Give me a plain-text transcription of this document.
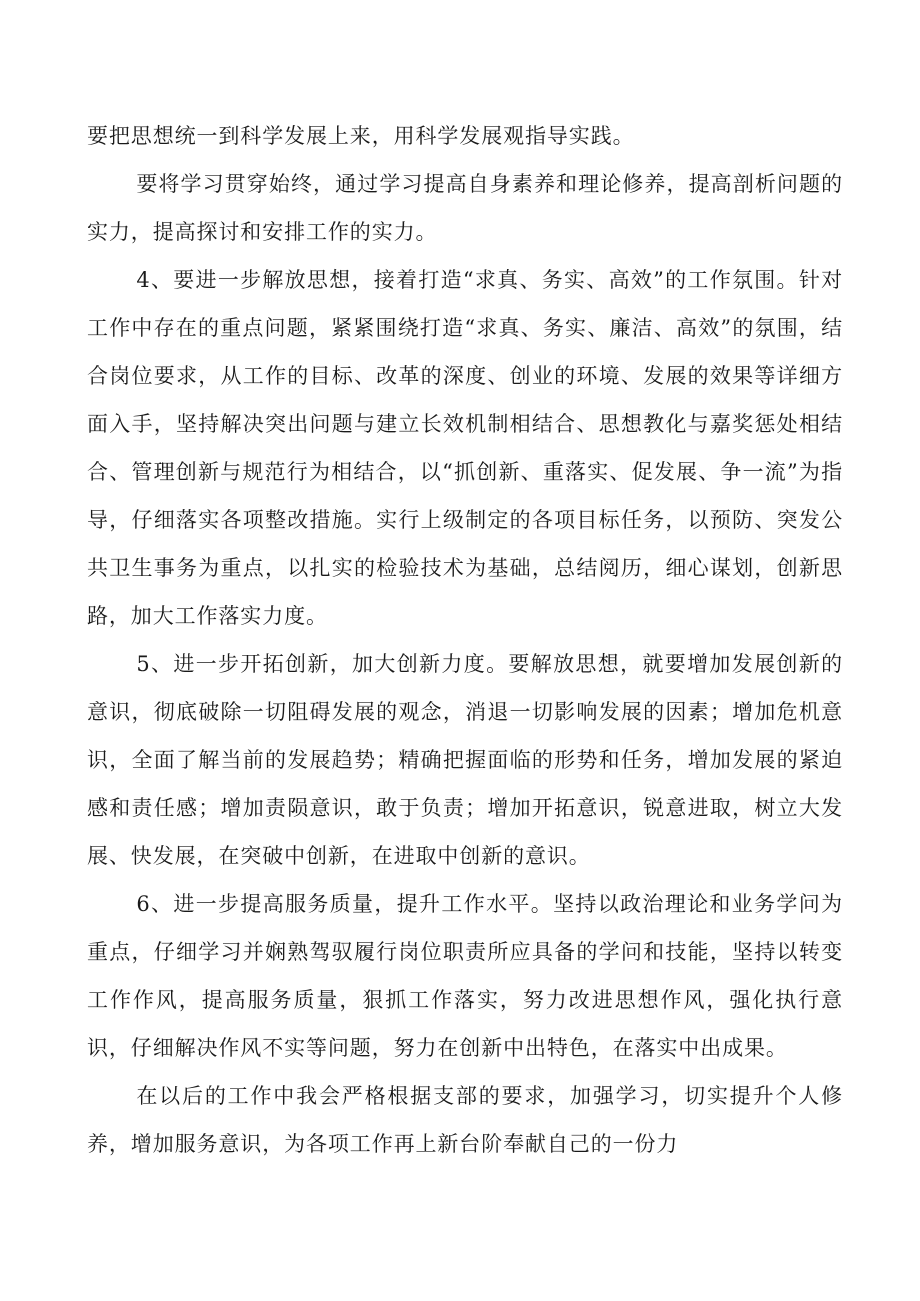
要把思想统一到科学发展上来，用科学发展观指导实践。

要将学习贯穿始终，通过学习提高自身素养和理论修养，提高剖析问题的实力，提高探讨和安排工作的实力。

4、要进一步解放思想，接着打造“求真、务实、高效”的工作氛围。针对工作中存在的重点问题，紧紧围绕打造“求真、务实、廉洁、高效”的氛围，结合岗位要求，从工作的目标、改革的深度、创业的环境、发展的效果等详细方面入手，坚持解决突出问题与建立长效机制相结合、思想教化与嘉奖惩处相结合、管理创新与规范行为相结合，以“抓创新、重落实、促发展、争一流”为指导，仔细落实各项整改措施。实行上级制定的各项目标任务，以预防、突发公共卫生事务为重点，以扎实的检验技术为基础，总结阅历，细心谋划，创新思路，加大工作落实力度。

5、进一步开拓创新，加大创新力度。要解放思想，就要增加发展创新的意识，彻底破除一切阻碍发展的观念，消退一切影响发展的因素；增加危机意识，全面了解当前的发展趋势；精确把握面临的形势和任务，增加发展的紧迫感和责任感；增加责陨意识，敢于负责；增加开拓意识，锐意进取，树立大发展、快发展，在突破中创新，在进取中创新的意识。

6、进一步提高服务质量，提升工作水平。坚持以政治理论和业务学问为重点，仔细学习并娴熟驾驭履行岗位职责所应具备的学问和技能，坚持以转变工作作风，提高服务质量，狠抓工作落实，努力改进思想作风，强化执行意识，仔细解决作风不实等问题，努力在创新中出特色，在落实中出成果。

在以后的工作中我会严格根据支部的要求，加强学习，切实提升个人修养，增加服务意识，为各项工作再上新台阶奉献自己的一份力
